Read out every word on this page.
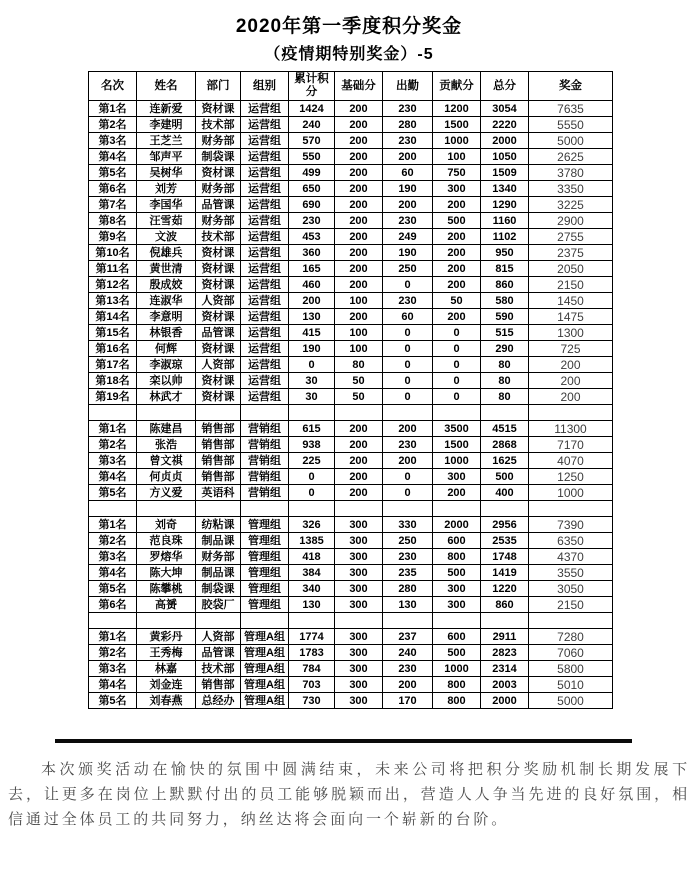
2020年第一季度积分奖金
（疫情期特别奖金）-5
名次	姓名	部门	组别	累计积分	基础分	出勤	贡献分	总分	奖金
第1名	连新爱	资材课	运营组	1424	200	230	1200	3054	7635
第2名	李建明	技术部	运营组	240	200	280	1500	2220	5550
第3名	王芝兰	财务部	运营组	570	200	230	1000	2000	5000
第4名	邹声平	制袋课	运营组	550	200	200	100	1050	2625
第5名	吴树华	资材课	运营组	499	200	60	750	1509	3780
第6名	刘芳	财务部	运营组	650	200	190	300	1340	3350
第7名	李国华	品管课	运营组	690	200	200	200	1290	3225
第8名	汪雪茹	财务部	运营组	230	200	230	500	1160	2900
第9名	文波	技术部	运营组	453	200	249	200	1102	2755
第10名	倪雄兵	资材课	运营组	360	200	190	200	950	2375
第11名	黄世清	资材课	运营组	165	200	250	200	815	2050
第12名	殷成姣	资材课	运营组	460	200	0	200	860	2150
第13名	连淑华	人资部	运营组	200	100	230	50	580	1450
第14名	李意明	资材课	运营组	130	200	60	200	590	1475
第15名	林银香	品管课	运营组	415	100	0	0	515	1300
第16名	何辉	资材课	运营组	190	100	0	0	290	725
第17名	李淑琼	人资部	运营组	0	80	0	0	80	200
第18名	栾以帅	资材课	运营组	30	50	0	0	80	200
第19名	林武才	资材课	运营组	30	50	0	0	80	200

第1名	陈建昌	销售部	营销组	615	200	200	3500	4515	11300
第2名	张浩	销售部	营销组	938	200	230	1500	2868	7170
第3名	曾文祺	销售部	营销组	225	200	200	1000	1625	4070
第4名	何贞贞	销售部	营销组	0	200	0	300	500	1250
第5名	方义爱	英语科	营销组	0	200	0	200	400	1000

第1名	刘奇	纺粘课	管理组	326	300	330	2000	2956	7390
第2名	范良珠	制品课	管理组	1385	300	250	600	2535	6350
第3名	罗熔华	财务部	管理组	418	300	230	800	1748	4370
第4名	陈大坤	制品课	管理组	384	300	235	500	1419	3550
第5名	陈攀桃	制袋课	管理组	340	300	280	300	1220	3050
第6名	高赟	胶袋厂	管理组	130	300	130	300	860	2150

第1名	黄彩丹	人资部	管理A组	1774	300	237	600	2911	7280
第2名	王秀梅	品管课	管理A组	1783	300	240	500	2823	7060
第3名	林嘉	技术部	管理A组	784	300	230	1000	2314	5800
第4名	刘金连	销售部	管理A组	703	300	200	800	2003	5010
第5名	刘春燕	总经办	管理A组	730	300	170	800	2000	5000

本次颁奖活动在愉快的氛围中圆满结束，未来公司将把积分奖励机制长期发展下去，让更多在岗位上默默付出的员工能够脱颖而出，营造人人争当先进的良好氛围，相信通过全体员工的共同努力，纳丝达将会面向一个崭新的台阶。
